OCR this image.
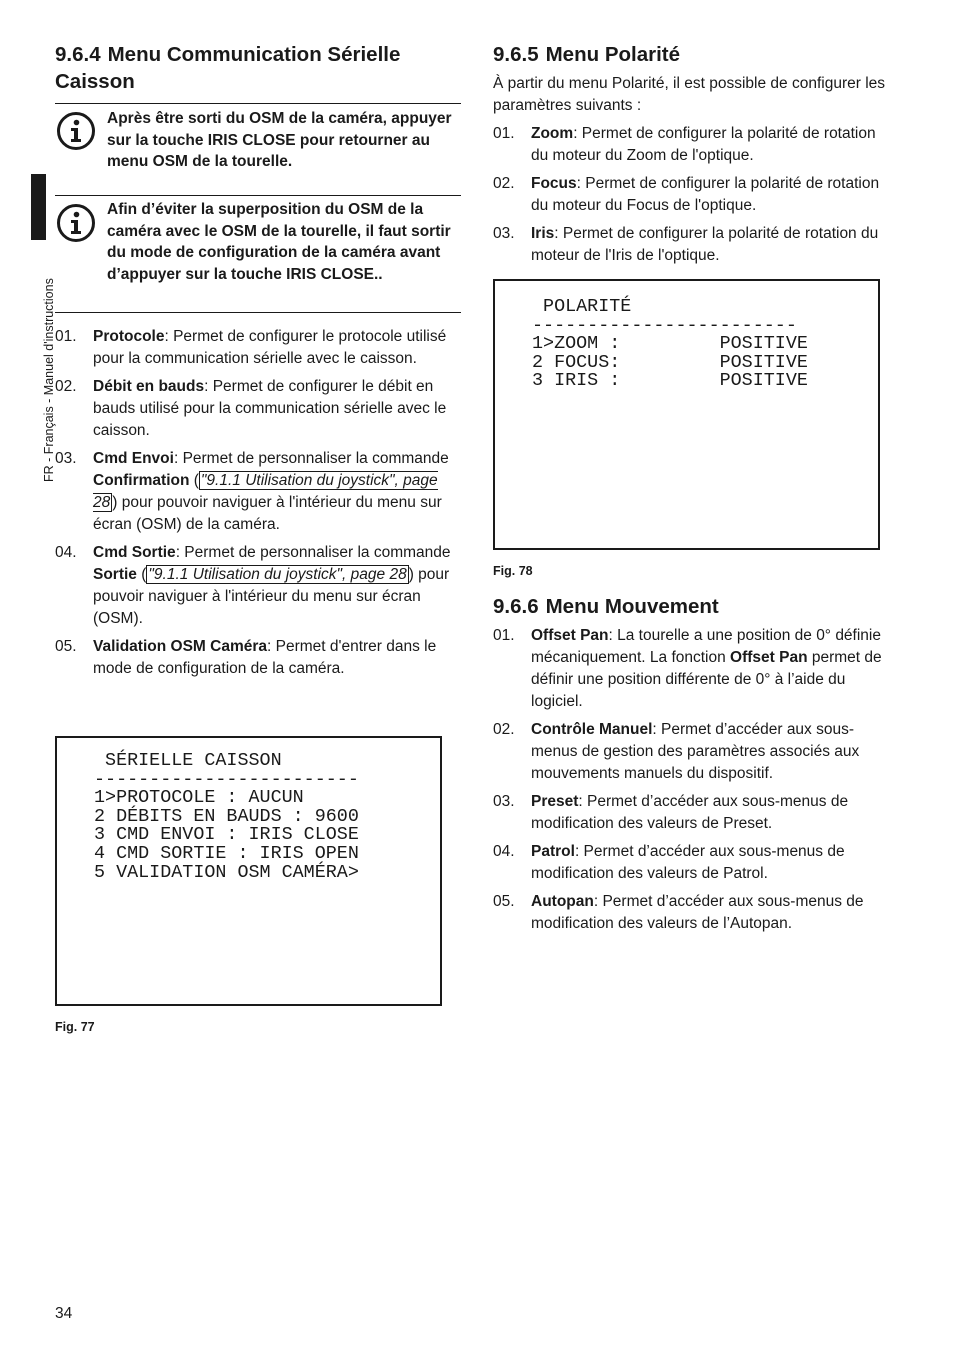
FR - Français - Manuel d'instructions
9.6.4 Menu Communication Sérielle
Caisson
Après être sorti du OSM de la caméra, appuyer sur la touche IRIS CLOSE pour retourner au menu OSM de la tourelle.
Afin d’éviter la superposition du OSM de la caméra avec le OSM de la tourelle, il faut sortir du mode de configuration de la caméra avant d’appuyer sur la touche IRIS CLOSE..
01. Protocole: Permet de configurer le protocole utilisé pour la communication sérielle avec le caisson.
02. Débit en bauds: Permet de configurer le débit en bauds utilisé pour la communication sérielle avec le caisson.
03. Cmd Envoi: Permet de personnaliser la commande Confirmation ( "9.1.1 Utilisation du joystick", page 28 ) pour pouvoir naviguer à l'intérieur du menu sur écran (OSM) de la caméra.
04. Cmd Sortie: Permet de personnaliser la commande Sortie ( "9.1.1 Utilisation du joystick", page 28 ) pour pouvoir naviguer à l'intérieur du menu sur écran (OSM).
05. Validation OSM Caméra: Permet d'entrer dans le mode de configuration de la caméra.
SÉRIELLE CAISSON
------------------------
1>PROTOCOLE : AUCUN
2 DÉBITS EN BAUDS : 9600
3 CMD ENVOI : IRIS CLOSE
4 CMD SORTIE : IRIS OPEN
5 VALIDATION OSM CAMÉRA>
Fig. 77
9.6.5 Menu Polarité
À partir du menu Polarité, il est possible de configurer les paramètres suivants :
01. Zoom: Permet de configurer la polarité de rotation du moteur du Zoom de l'optique.
02. Focus: Permet de configurer la polarité de rotation du moteur du Focus de l'optique.
03. Iris: Permet de configurer la polarité de rotation du moteur de l'Iris de l'optique.
POLARITÉ
------------------------
1>ZOOM :         POSITIVE
2 FOCUS:         POSITIVE
3 IRIS :         POSITIVE
Fig. 78
9.6.6 Menu Mouvement
01. Offset Pan: La tourelle a une position de 0° définie mécaniquement. La fonction Offset Pan permet de définir une position différente de 0° à l’aide du logiciel.
02. Contrôle Manuel: Permet d’accéder aux sous-menus de gestion des paramètres associés aux mouvements manuels du dispositif.
03. Preset: Permet d’accéder aux sous-menus de modification des valeurs de Preset.
04. Patrol: Permet d’accéder aux sous-menus de modification des valeurs de Patrol.
05. Autopan: Permet d’accéder aux sous-menus de modification des valeurs de l’Autopan.
34
